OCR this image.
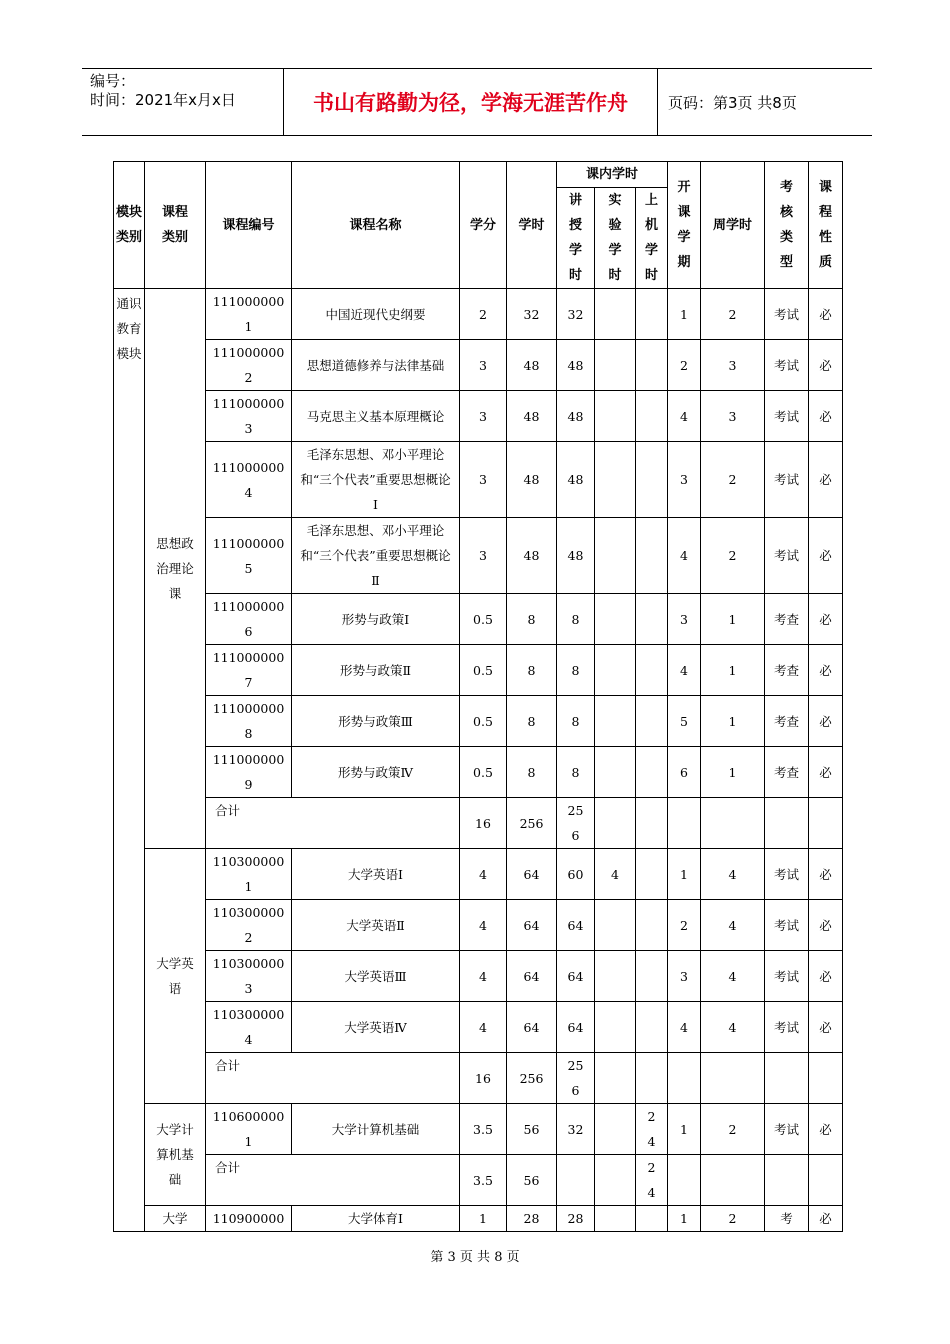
编号：
时间：2021年x月x日	书山有路勤为径，学海无涯苦作舟	页码：第3页 共8页
模块类别	课程类别	课程编号	课程名称	学分	学时	课内学时			开课学期	周学时	考核类型	课程性质
						讲授学时	实验学时	上机学时				
通识教育模块	思想政治理论课	1110000001	中国近现代史纲要	2	32	32			1	2	考试	必
		1110000002	思想道德修养与法律基础	3	48	48			2	3	考试	必
		1110000003	马克思主义基本原理概论	3	48	48			4	3	考试	必
		1110000004	毛泽东思想、邓小平理论和“三个代表”重要思想概论Ⅰ	3	48	48			3	2	考试	必
		1110000005	毛泽东思想、邓小平理论和“三个代表”重要思想概论Ⅱ	3	48	48			4	2	考试	必
		1110000006	形势与政策Ⅰ	0.5	8	8			3	1	考查	必
		1110000007	形势与政策Ⅱ	0.5	8	8			4	1	考查	必
		1110000008	形势与政策Ⅲ	0.5	8	8			5	1	考查	必
		1110000009	形势与政策Ⅳ	0.5	8	8			6	1	考查	必
		合计		16	256	256						
	大学英语	1103000001	大学英语Ⅰ	4	64	60	4		1	4	考试	必
		1103000002	大学英语Ⅱ	4	64	64			2	4	考试	必
		1103000003	大学英语Ⅲ	4	64	64			3	4	考试	必
		1103000004	大学英语Ⅳ	4	64	64			4	4	考试	必
		合计		16	256	256						
	大学计算机基础	1106000001	大学计算机基础	3.5	56	32		24	1	2	考试	必
		合计		3.5	56			24				
	大学	110900000	大学体育Ⅰ	1	28	28			1	2	考	必
第 3 页 共 8 页
